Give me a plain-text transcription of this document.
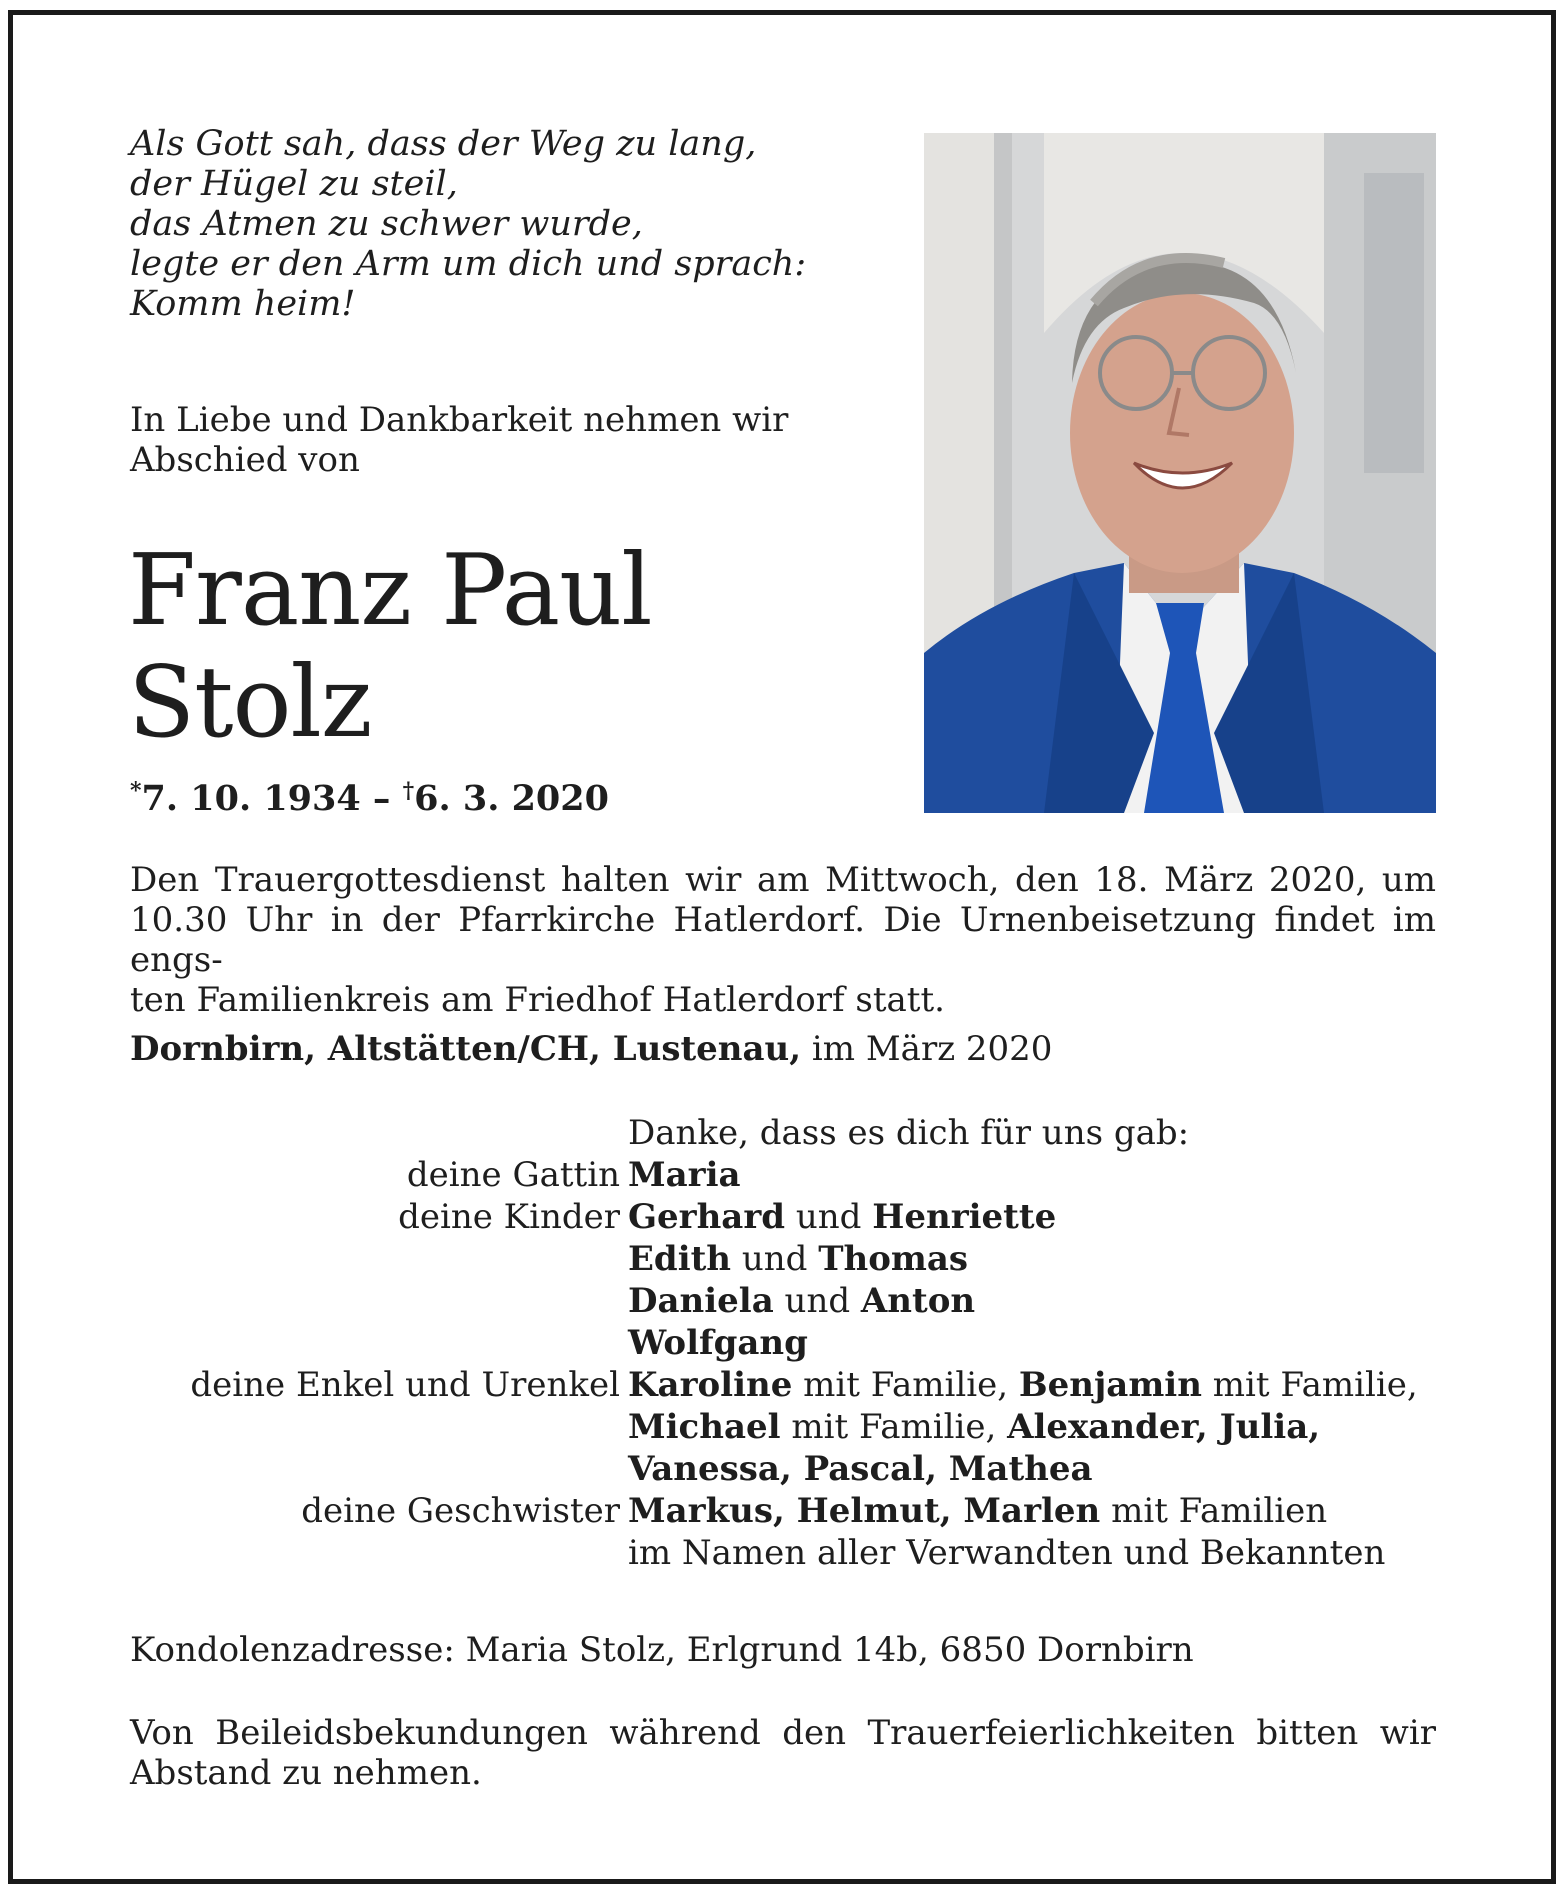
Als Gott sah, dass der Weg zu lang,
der Hügel zu steil,
das Atmen zu schwer wurde,
legte er den Arm um dich und sprach:
Komm heim!
In Liebe und Dankbarkeit nehmen wir
Abschied von
Franz Paul
Stolz
*7. 10. 1934 – †6. 3. 2020
Den Trauergottesdienst halten wir am Mittwoch, den 18. März 2020, um
10.30 Uhr in der Pfarrkirche Hatlerdorf. Die Urnenbeisetzung findet im engs-
ten Familienkreis am Friedhof Hatlerdorf statt.
Dornbirn, Altstätten/CH, Lustenau, im März 2020
Danke, dass es dich für uns gab:
deine Gattin Maria
deine Kinder Gerhard und Henriette
Edith und Thomas
Daniela und Anton
Wolfgang
deine Enkel und Urenkel Karoline mit Familie, Benjamin mit Familie,
Michael mit Familie, Alexander, Julia,
Vanessa, Pascal, Mathea
deine Geschwister Markus, Helmut, Marlen mit Familien
im Namen aller Verwandten und Bekannten
Kondolenzadresse: Maria Stolz, Erlgrund 14b, 6850 Dornbirn
Von Beileidsbekundungen während den Trauerfeierlichkeiten bitten wir
Abstand zu nehmen.
